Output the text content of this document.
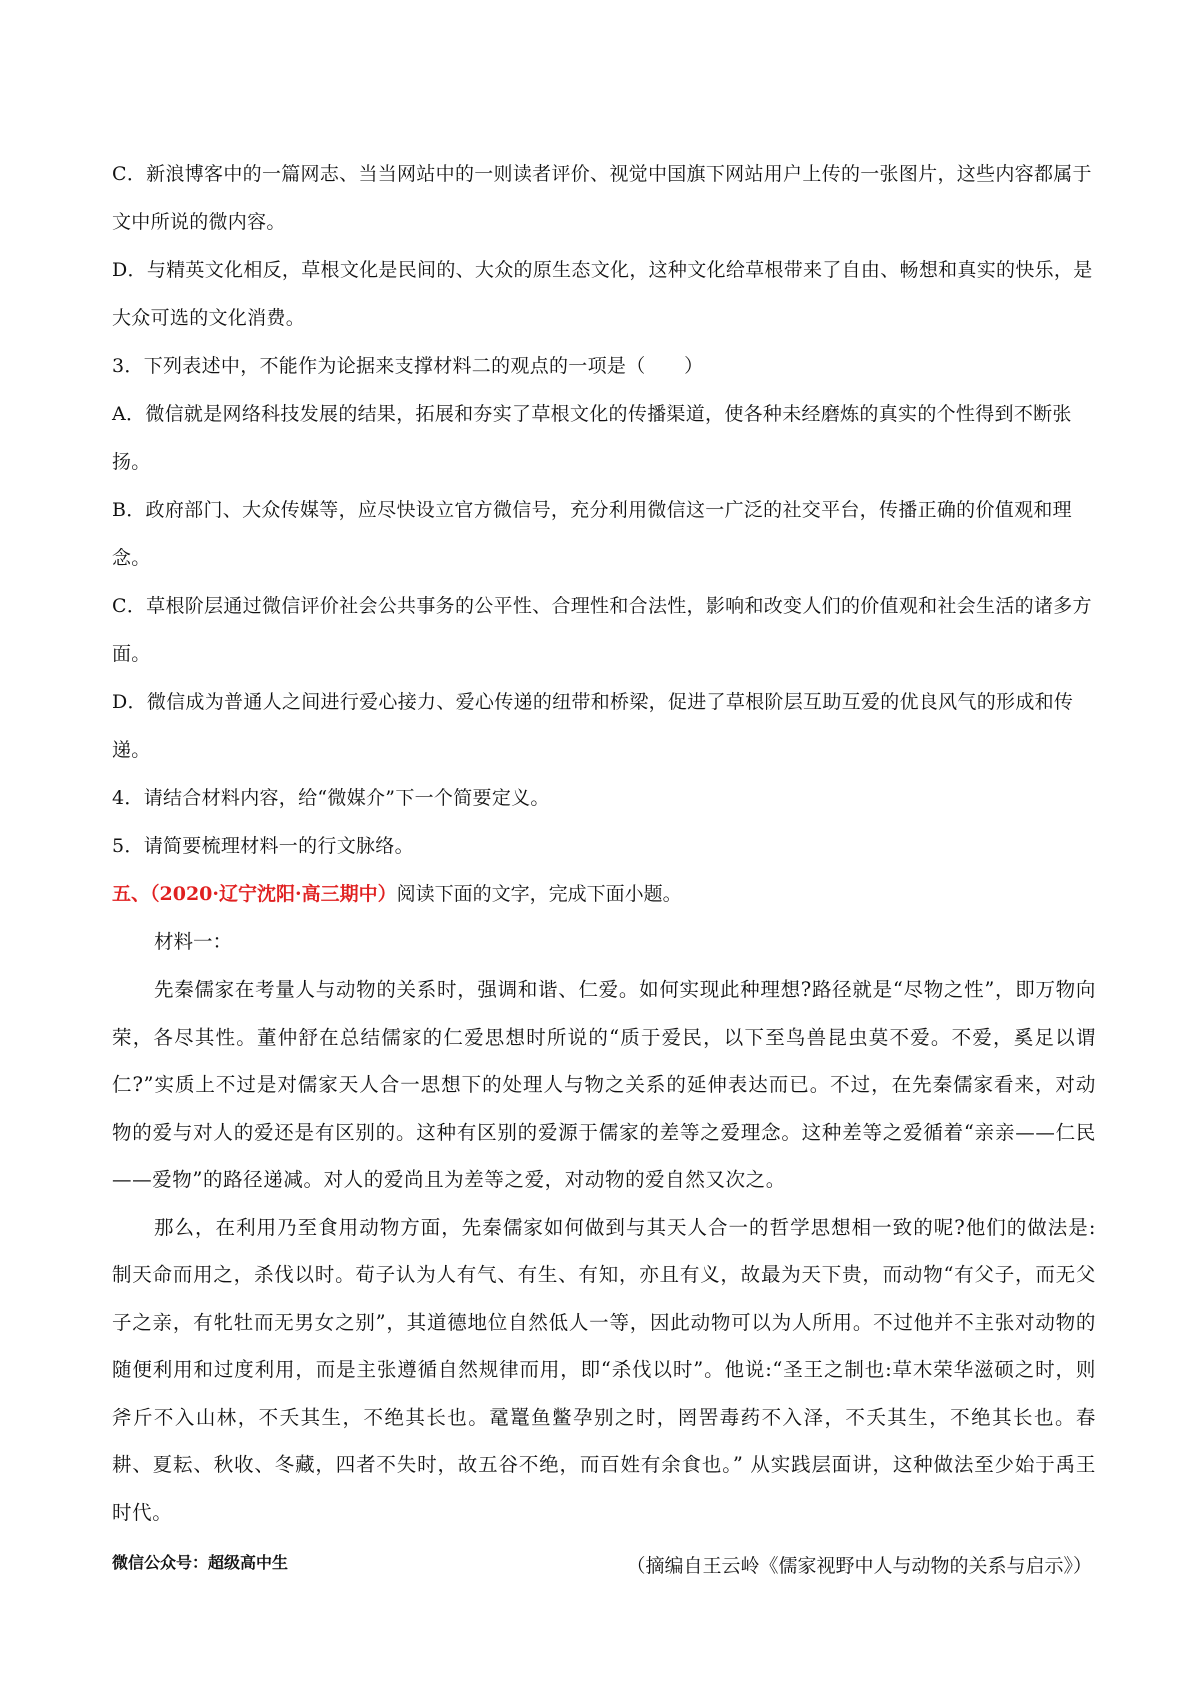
C．新浪博客中的一篇网志、当当网站中的一则读者评价、视觉中国旗下网站用户上传的一张图片，这些内容都属于文中所说的微内容。

D．与精英文化相反，草根文化是民间的、大众的原生态文化，这种文化给草根带来了自由、畅想和真实的快乐，是大众可选的文化消费。

3．下列表述中，不能作为论据来支撑材料二的观点的一项是（　　）

A．微信就是网络科技发展的结果，拓展和夯实了草根文化的传播渠道，使各种未经磨炼的真实的个性得到不断张扬。

B．政府部门、大众传媒等，应尽快设立官方微信号，充分利用微信这一广泛的社交平台，传播正确的价值观和理念。

C．草根阶层通过微信评价社会公共事务的公平性、合理性和合法性，影响和改变人们的价值观和社会生活的诸多方面。

D．微信成为普通人之间进行爱心接力、爱心传递的纽带和桥梁，促进了草根阶层互助互爱的优良风气的形成和传递。

4．请结合材料内容，给“微媒介”下一个简要定义。

5．请简要梳理材料一的行文脉络。

五、（2020·辽宁沈阳·高三期中）阅读下面的文字，完成下面小题。

材料一：

先秦儒家在考量人与动物的关系时，强调和谐、仁爱。如何实现此种理想?路径就是“尽物之性”，即万物向荣，各尽其性。董仲舒在总结儒家的仁爱思想时所说的“质于爱民，以下至鸟兽昆虫莫不爱。不爱，奚足以谓仁?”实质上不过是对儒家天人合一思想下的处理人与物之关系的延伸表达而已。不过，在先秦儒家看来，对动物的爱与对人的爱还是有区别的。这种有区别的爱源于儒家的差等之爱理念。这种差等之爱循着“亲亲——仁民——爱物”的路径递减。对人的爱尚且为差等之爱，对动物的爱自然又次之。

那么，在利用乃至食用动物方面，先秦儒家如何做到与其天人合一的哲学思想相一致的呢?他们的做法是:制天命而用之，杀伐以时。荀子认为人有气、有生、有知，亦且有义，故最为天下贵，而动物“有父子，而无父子之亲，有牝牡而无男女之别”，其道德地位自然低人一等，因此动物可以为人所用。不过他并不主张对动物的随便利用和过度利用，而是主张遵循自然规律而用，即“杀伐以时”。他说:“圣王之制也:草木荣华滋硕之时，则斧斤不入山林，不夭其生，不绝其长也。鼋鼍鱼鳖孕别之时，罔罟毒药不入泽，不夭其生，不绝其长也。春耕、夏耘、秋收、冬藏，四者不失时，故五谷不绝，而百姓有余食也。” 从实践层面讲，这种做法至少始于禹王时代。

（摘编自王云岭《儒家视野中人与动物的关系与启示》）

微信公众号：超级高中生
